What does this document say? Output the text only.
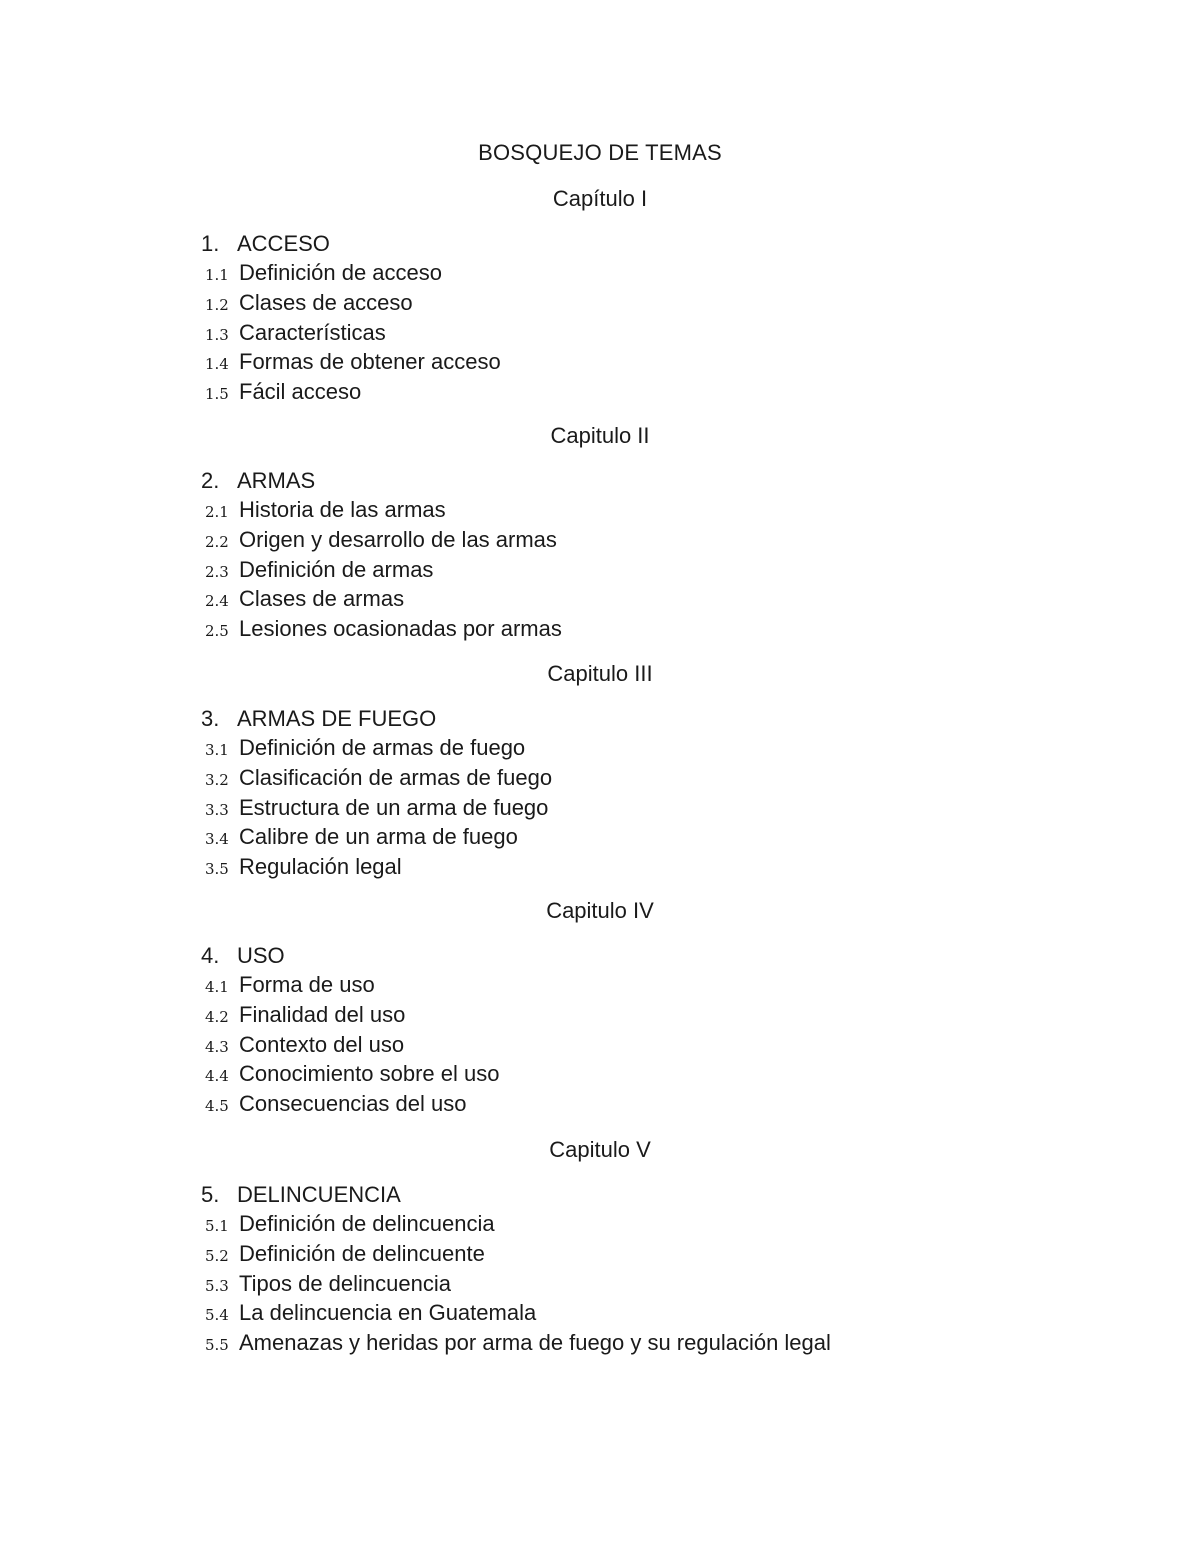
BOSQUEJO DE TEMAS
Capítulo I
1. ACCESO
1.1 Definición de acceso
1.2 Clases de acceso
1.3 Características
1.4 Formas de obtener acceso
1.5 Fácil acceso
Capitulo II
2. ARMAS
2.1 Historia de las armas
2.2 Origen y desarrollo de las armas
2.3 Definición de armas
2.4 Clases de armas
2.5 Lesiones ocasionadas por armas
Capitulo III
3. ARMAS DE FUEGO
3.1 Definición de armas de fuego
3.2 Clasificación de armas de fuego
3.3 Estructura de un arma de fuego
3.4 Calibre de un arma de fuego
3.5 Regulación legal
Capitulo IV
4. USO
4.1 Forma de uso
4.2 Finalidad del uso
4.3 Contexto del uso
4.4 Conocimiento sobre el uso
4.5 Consecuencias del uso
Capitulo V
5. DELINCUENCIA
5.1 Definición de delincuencia
5.2 Definición de delincuente
5.3 Tipos de delincuencia
5.4 La delincuencia en Guatemala
5.5 Amenazas y heridas por arma de fuego y su regulación legal
